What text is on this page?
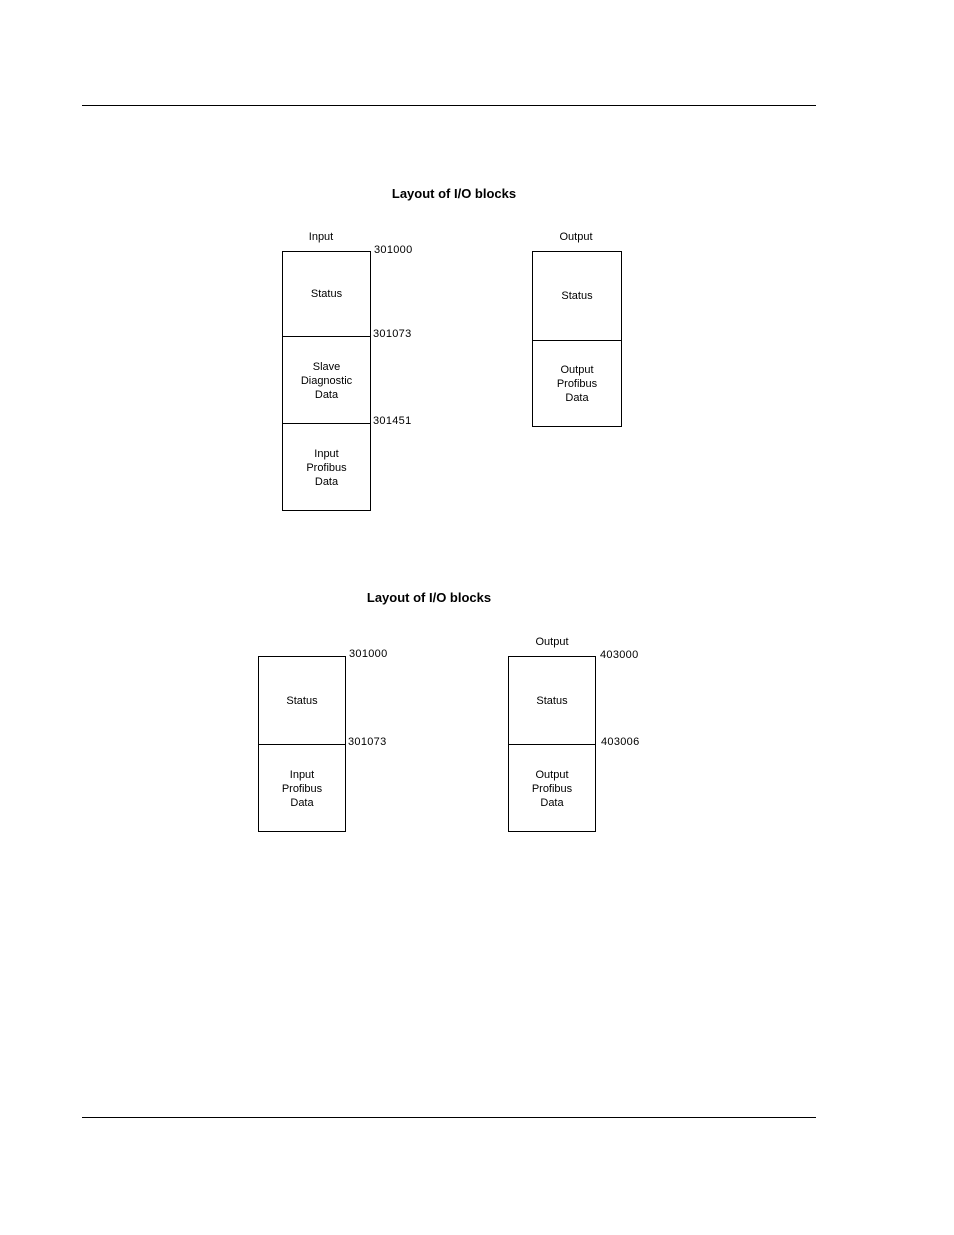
Layout of I/O blocks
Input
Status
Slave
Diagnostic
Data
Input
Profibus
Data
301000
301073
301451
Output
Status
Output
Profibus
Data
Layout of I/O blocks
Status
Input
Profibus
Data
301000
301073
Output
Status
Output
Profibus
Data
403000
403006
